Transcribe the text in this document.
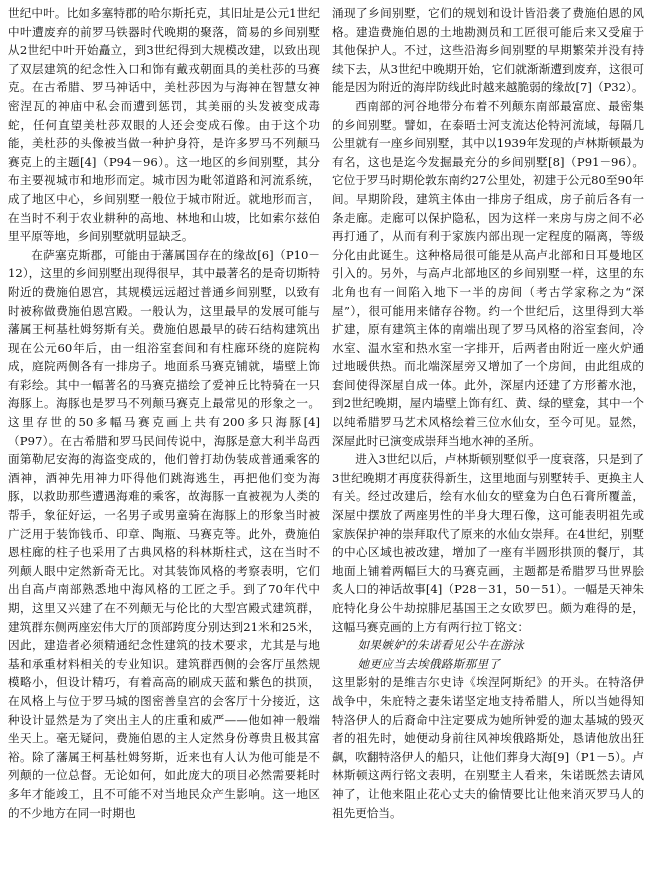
世纪中叶。比如多塞特郡的哈尔斯托克，其旧址是公元1世纪中叶遭废弃的前罗马铁器时代晚期的聚落，简易的乡间别墅从2世纪中叶开始矗立，到3世纪得到大规模改建，以致出现了双层建筑的纪念性入口和饰有戴戎朝面具的美杜莎的马赛克。在古希腊、罗马神话中，美杜莎因为与海神在智慧女神密涅瓦的神庙中私会而遭到惩罚，其美丽的头发被变成毒蛇，任何直望美杜莎双眼的人还会变成石像。由于这个功能，美杜莎的头像被当做一种护身符，是许多罗马不列颠马赛克上的主题[4]（P94－96）。这一地区的乡间别墅，其分布主要视城市和地形而定。城市因为毗邻道路和河流系统，成了地区中心，乡间别墅一般位于城市附近。就地形而言，在当时不利于农业耕种的高地、林地和山坡，比如索尔兹伯里平原等地，乡间别墅就明显缺乏。

在萨塞克斯郡，可能由于藩属国存在的缘故[6]（P10－12），这里的乡间别墅出现得很早，其中最著名的是奇切斯特附近的费施伯恩宫，其规模远远超过普通乡间别墅，以致有时被称做费施伯恩宫殿。一般认为，这里最早的发展可能与藩属王柯基杜姆努斯有关。费施伯恩最早的砖石结构建筑出现在公元60年后，由一组浴室套间和有柱廊环绕的庭院构成，庭院两侧各有一排房子。地面系马赛克铺就，墙壁上饰有彩绘。其中一幅著名的马赛克描绘了爱神丘比特骑在一只海豚上。海豚也是罗马不列颠马赛克上最常见的形象之一。这里存世的50多幅马赛克画上共有200多只海豚[4]（P97）。在古希腊和罗马民间传说中，海豚是意大利半岛西面第勒尼安海的海盗变成的，他们曾打劫伪装成普通乘客的酒神，酒神先用神力吓得他们跳海逃生，再把他们变为海豚，以救助那些遭遇海难的乘客，故海豚一直被视为人类的帮手，象征好运，一名男子或男童骑在海豚上的形象当时被广泛用于装饰钱币、印章、陶瓶、马赛克等。此外，费施伯恩柱廊的柱子也采用了古典风格的科林斯柱式，这在当时不列颠人眼中定然新奇无比。对其装饰风格的考察表明，它们出自高卢南部熟悉地中海风格的工匠之手。到了70年代中期，这里又兴建了在不列颠无与伦比的大型宫殿式建筑群，建筑群东侧两座宏伟大厅的顶部跨度分别达到21米和25米，因此，建造者必须精通纪念性建筑的技术要求，尤其是与地基和承重材料相关的专业知识。建筑群西侧的会客厅虽然规模略小，但设计精巧，有着高高的刷成天蓝和紫色的拱顶，在风格上与位于罗马城的图密善皇宫的会客厅十分接近，这种设计显然是为了突出主人的庄重和威严——他如神一般端坐天上。毫无疑问，费施伯恩的主人定然身份尊贵且极其富裕。除了藩属王柯基杜姆努斯，近来也有人认为他可能是不列颠的一位总督。无论如何，如此庞大的项目必然需要耗时多年才能竣工，且不可能不对当地民众产生影响。这一地区的不少地方在同一时期也

涌现了乡间别墅，它们的规划和设计皆沿袭了费施伯恩的风格。建造费施伯恩的土地勘测员和工匠很可能后来又受雇于其他保护人。不过，这些沿海乡间别墅的早期繁荣并没有持续下去，从3世纪中晚期开始，它们就渐渐遭到废弃，这很可能是因为附近的海岸防线此时越来越脆弱的缘故[7]（P32）。

西南部的河谷地带分布着不列颠东南部最富庶、最密集的乡间别墅。譬如，在泰晤士河支流达伦特河流域，每隔几公里就有一座乡间别墅，其中以1939年发现的卢林斯顿最为有名，这也是迄今发掘最充分的乡间别墅[8]（P91－96）。它位于罗马时期伦敦东南约27公里处，初建于公元80至90年间。早期阶段，建筑主体由一排房子组成，房子前后各有一条走廊。走廊可以保护隐私，因为这样一来房与房之间不必再打通了，从而有利于家族内部出现一定程度的隔离，等级分化由此诞生。这种格局很可能是从高卢北部和日耳曼地区引入的。另外，与高卢北部地区的乡间别墅一样，这里的东北角也有一间陷入地下一半的房间（考古学家称之为“深屋”），很可能用来储存谷物。约一个世纪后，这里得到大举扩建，原有建筑主体的南端出现了罗马风格的浴室套间，冷水室、温水室和热水室一字排开，后两者由附近一座火炉通过地暖供热。而北端深屋旁又增加了一个房间，由此组成的套间使得深屋自成一体。此外，深屋内还建了方形蓄水池，到2世纪晚期，屋内墙壁上饰有红、黄、绿的壁龛，其中一个以纯希腊罗马艺术风格绘着三位水仙女，至今可见。显然，深屋此时已演变成崇拜当地水神的圣所。

进入3世纪以后，卢林斯顿别墅似乎一度衰落，只是到了3世纪晚期才再度获得新生，这里地面与别墅转手、更换主人有关。经过改建后，绘有水仙女的壁龛为白色石膏所覆盖，深屋中摆放了两座男性的半身大理石像，这可能表明祖先或家族保护神的崇拜取代了原来的水仙女崇拜。在4世纪，别墅的中心区域也被改建，增加了一座有半圆形拱顶的餐厅，其地面上铺着两幅巨大的马赛克画，主题都是希腊罗马世界脍炙人口的神话故事[4]（P28－31，50－51）。一幅是天神朱庇特化身公牛劫掠腓尼基国王之女欧罗巴。颇为难得的是，这幅马赛克画的上方有两行拉丁铭文：

如果嫉妒的朱诺看见公牛在游泳

她更应当去埃俄路斯那里了

这里影射的是维吉尔史诗《埃涅阿斯纪》的开头。在特洛伊战争中，朱庇特之妻朱诺坚定地支持希腊人，所以当她得知特洛伊人的后裔命中注定要成为她所钟爱的迦太基城的毁灭者的祖先时，她便动身前往风神埃俄路斯处，恳请他放出狂飙，吹翻特洛伊人的船只，让他们葬身大海[9]（P1－5）。卢林斯顿这两行铭文表明，在别墅主人看来，朱诺既然去请风神了，让他来阻止花心丈夫的偷情要比让他来消灭罗马人的祖先更恰当。
